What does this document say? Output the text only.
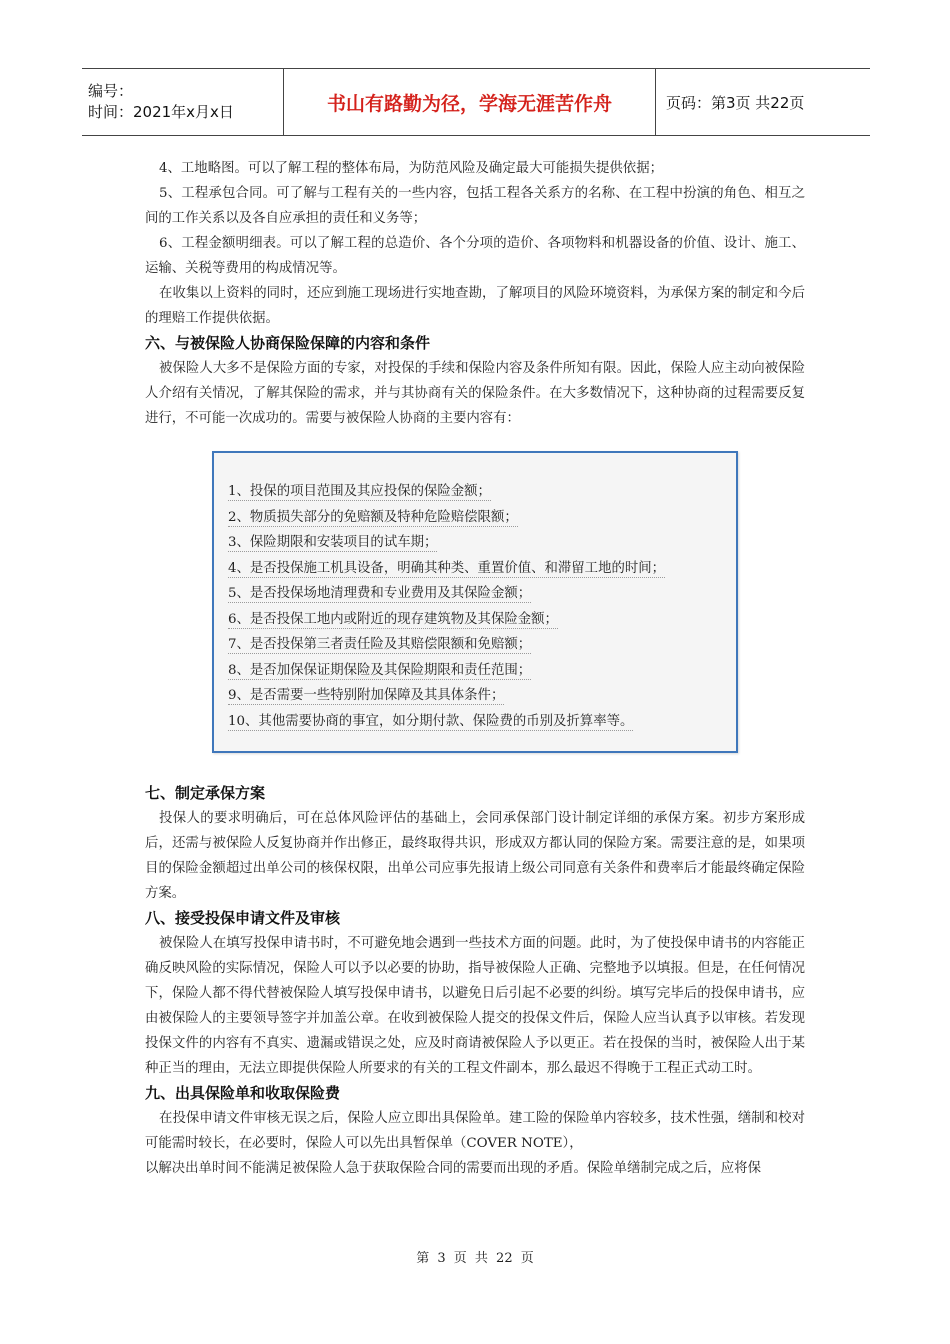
编号：
时间：2021年x月x日	书山有路勤为径，学海无涯苦作舟	页码：第3页 共22页

4、工地略图。可以了解工程的整体布局，为防范风险及确定最大可能损失提供依据；

5、工程承包合同。可了解与工程有关的一些内容，包括工程各关系方的名称、在工程中扮演的角色、相互之间的工作关系以及各自应承担的责任和义务等；

6、工程金额明细表。可以了解工程的总造价、各个分项的造价、各项物料和机器设备的价值、设计、施工、运输、关税等费用的构成情况等。

在收集以上资料的同时，还应到施工现场进行实地查勘，了解项目的风险环境资料，为承保方案的制定和今后的理赔工作提供依据。

六、与被保险人协商保险保障的内容和条件

被保险人大多不是保险方面的专家，对投保的手续和保险内容及条件所知有限。因此，保险人应主动向被保险人介绍有关情况，了解其保险的需求，并与其协商有关的保险条件。在大多数情况下，这种协商的过程需要反复进行，不可能一次成功的。需要与被保险人协商的主要内容有：

1、投保的项目范围及其应投保的保险金额；
2、物质损失部分的免赔额及特种危险赔偿限额；
3、保险期限和安装项目的试车期；
4、是否投保施工机具设备，明确其种类、重置价值、和滞留工地的时间；
5、是否投保场地清理费和专业费用及其保险金额；
6、是否投保工地内或附近的现存建筑物及其保险金额；
7、是否投保第三者责任险及其赔偿限额和免赔额；
8、是否加保保证期保险及其保险期限和责任范围；
9、是否需要一些特别附加保障及其具体条件；
10、其他需要协商的事宜，如分期付款、保险费的币别及折算率等。

七、制定承保方案

投保人的要求明确后，可在总体风险评估的基础上，会同承保部门设计制定详细的承保方案。初步方案形成后，还需与被保险人反复协商并作出修正，最终取得共识，形成双方都认同的保险方案。需要注意的是，如果项目的保险金额超过出单公司的核保权限，出单公司应事先报请上级公司同意有关条件和费率后才能最终确定保险方案。

八、接受投保申请文件及审核

被保险人在填写投保申请书时，不可避免地会遇到一些技术方面的问题。此时，为了使投保申请书的内容能正确反映风险的实际情况，保险人可以予以必要的协助，指导被保险人正确、完整地予以填报。但是，在任何情况下，保险人都不得代替被保险人填写投保申请书，以避免日后引起不必要的纠纷。填写完毕后的投保申请书，应由被保险人的主要领导签字并加盖公章。在收到被保险人提交的投保文件后，保险人应当认真予以审核。若发现投保文件的内容有不真实、遗漏或错误之处，应及时商请被保险人予以更正。若在投保的当时，被保险人出于某种正当的理由，无法立即提供保险人所要求的有关的工程文件副本，那么最迟不得晚于工程正式动工时。

九、出具保险单和收取保险费

在投保申请文件审核无误之后，保险人应立即出具保险单。建工险的保险单内容较多，技术性强，缮制和校对可能需时较长，在必要时，保险人可以先出具暂保单（COVER NOTE），

以解决出单时间不能满足被保险人急于获取保险合同的需要而出现的矛盾。保险单缮制完成之后，应将保

第 3 页 共 22 页
